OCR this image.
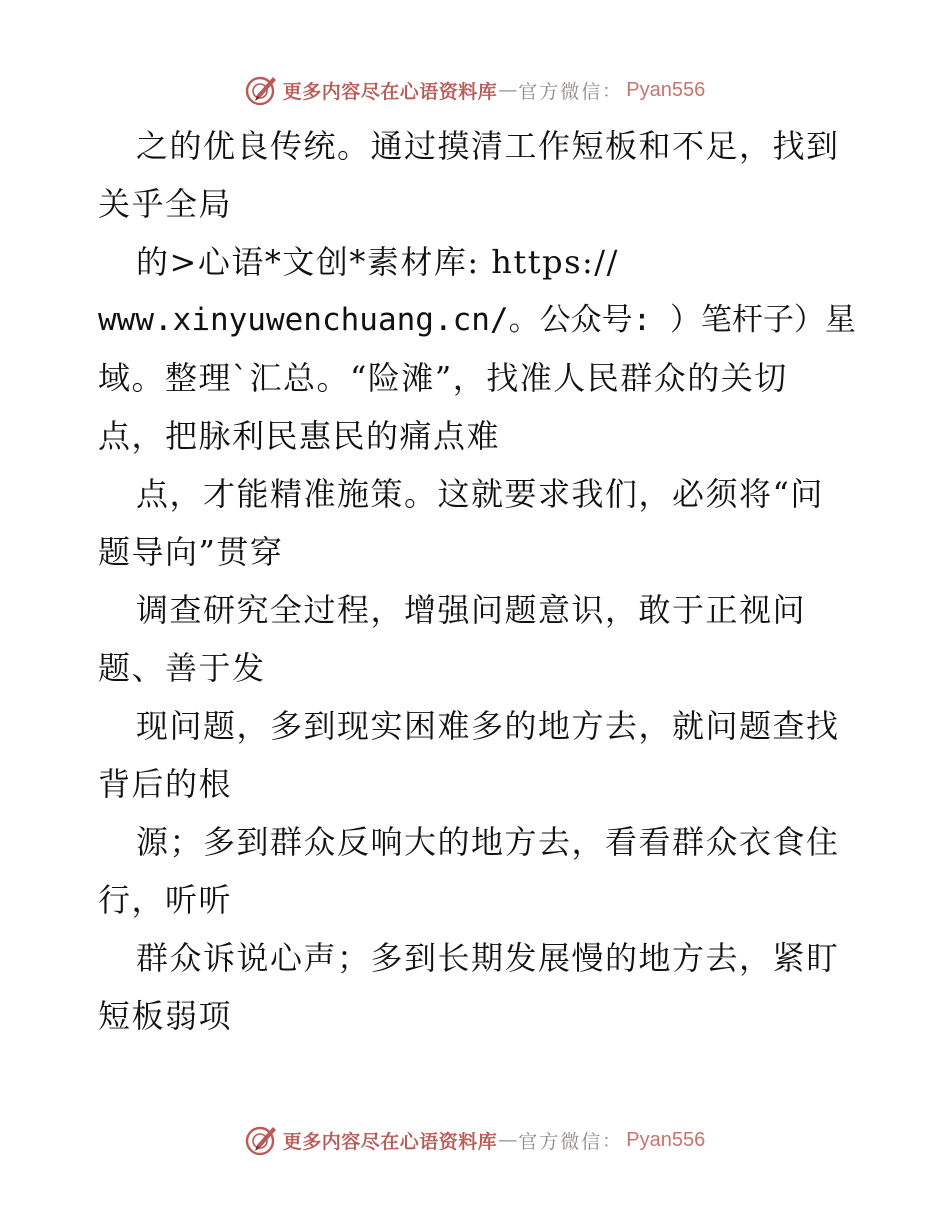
更多内容尽在心语资料库 — 官方微信 ： Pyan556
之的优良传统。通过摸清工作短板和不足，找到
关乎全局
的>心语*文创*素材库: https://
www.xinyuwenchuang.cn/。公众号: ）笔杆子）星
域。整理`汇总。“险滩”，找准人民群众的关切
点，把脉利民惠民的痛点难
点，才能精准施策。这就要求我们，必须将“问
题导向”贯穿
调查研究全过程，增强问题意识，敢于正视问
题、善于发
现问题，多到现实困难多的地方去，就问题查找
背后的根
源；多到群众反响大的地方去，看看群众衣食住
行，听听
群众诉说心声；多到长期发展慢的地方去，紧盯
短板弱项
更多内容尽在心语资料库 — 官方微信 ： Pyan556
